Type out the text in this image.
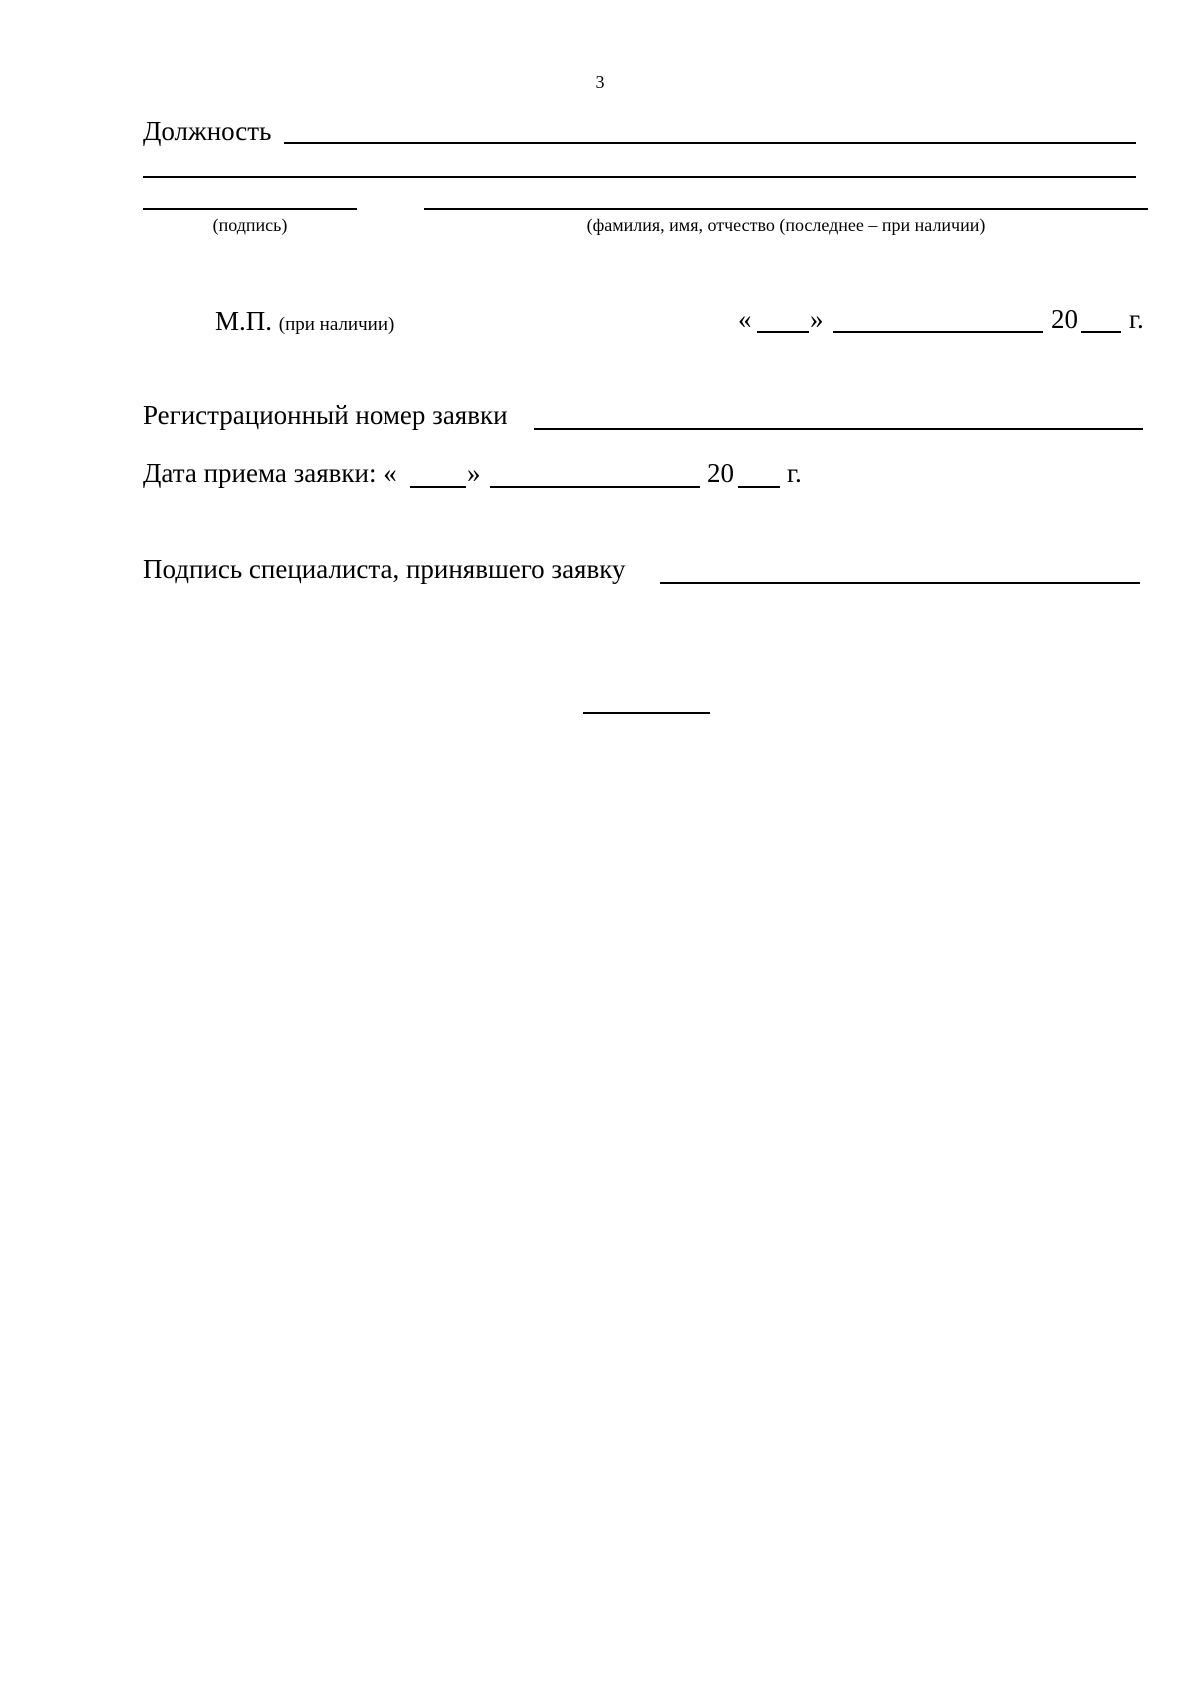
3
Должность
(подпись)	(фамилия, имя, отчество (последнее – при наличии)
М.П. (при наличии)	« »	20 г.
Регистрационный номер заявки
Дата приема заявки: «	»	20 г.
Подпись специалиста, принявшего заявку
